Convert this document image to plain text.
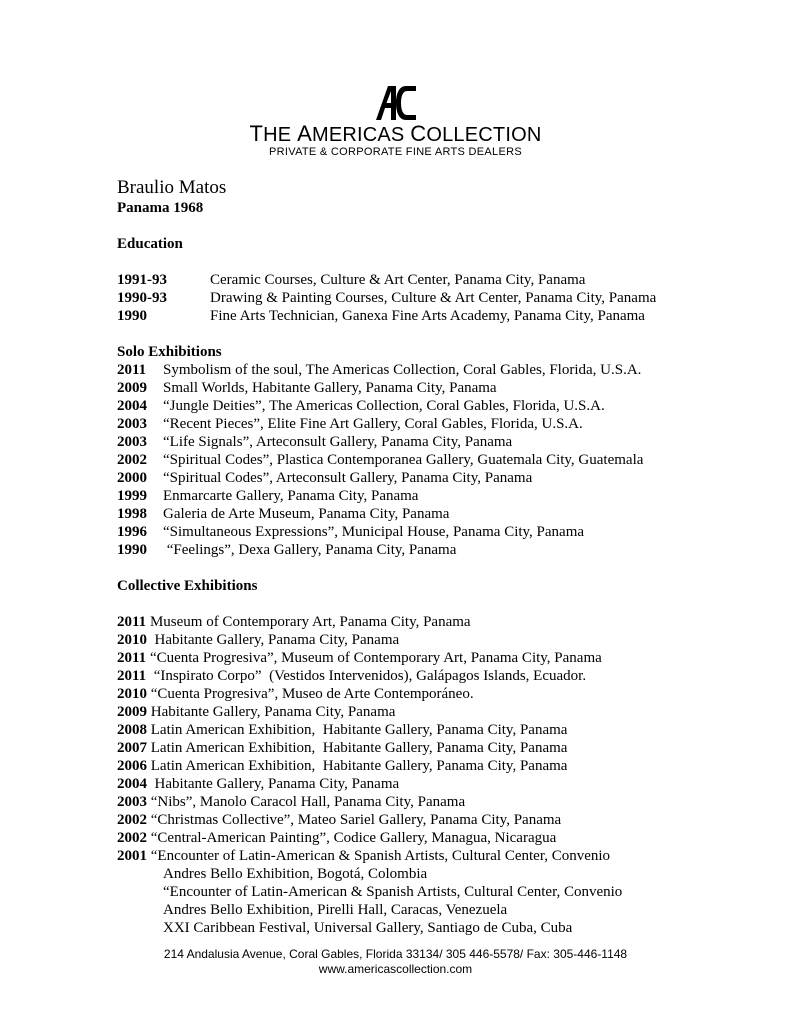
THE AMERICAS COLLECTION
PRIVATE & CORPORATE FINE ARTS DEALERS
Braulio Matos
Panama 1968
Education
1991-93	Ceramic Courses, Culture & Art Center, Panama City, Panama
1990-93	Drawing & Painting Courses, Culture & Art Center, Panama City, Panama
1990	Fine Arts Technician, Ganexa Fine Arts Academy, Panama City, Panama
Solo Exhibitions
2011 Symbolism of the soul, The Americas Collection, Coral Gables, Florida, U.S.A.
2009 Small Worlds, Habitante Gallery, Panama City, Panama
2004 “Jungle Deities”, The Americas Collection, Coral Gables, Florida, U.S.A.
2003 “Recent Pieces”, Elite Fine Art Gallery, Coral Gables, Florida, U.S.A.
2003 “Life Signals”, Arteconsult Gallery, Panama City, Panama
2002 “Spiritual Codes”, Plastica Contemporanea Gallery, Guatemala City, Guatemala
2000 “Spiritual Codes”, Arteconsult Gallery, Panama City, Panama
1999 Enmarcarte Gallery, Panama City, Panama
1998 Galeria de Arte Museum, Panama City, Panama
1996 “Simultaneous Expressions”, Municipal House, Panama City, Panama
1990 “Feelings”, Dexa Gallery, Panama City, Panama
Collective Exhibitions
2011 Museum of Contemporary Art, Panama City, Panama
2010  Habitante Gallery, Panama City, Panama
2011 “Cuenta Progresiva”, Museum of Contemporary Art, Panama City, Panama
2011  “Inspirato Corpo”  (Vestidos Intervenidos), Galápagos Islands, Ecuador.
2010 “Cuenta Progresiva”, Museo de Arte Contemporáneo.
2009 Habitante Gallery, Panama City, Panama
2008 Latin American Exhibition,  Habitante Gallery, Panama City, Panama
2007 Latin American Exhibition,  Habitante Gallery, Panama City, Panama
2006 Latin American Exhibition,  Habitante Gallery, Panama City, Panama
2004  Habitante Gallery, Panama City, Panama
2003 “Nibs”, Manolo Caracol Hall, Panama City, Panama
2002 “Christmas Collective”, Mateo Sariel Gallery, Panama City, Panama
2002 “Central-American Painting”, Codice Gallery, Managua, Nicaragua
2001 “Encounter of Latin-American & Spanish Artists, Cultural Center, Convenio
Andres Bello Exhibition, Bogotá, Colombia
“Encounter of Latin-American & Spanish Artists, Cultural Center, Convenio
Andres Bello Exhibition, Pirelli Hall, Caracas, Venezuela
XXI Caribbean Festival, Universal Gallery, Santiago de Cuba, Cuba
214 Andalusia Avenue, Coral Gables, Florida 33134/ 305 446-5578/ Fax: 305-446-1148
www.americascollection.com
